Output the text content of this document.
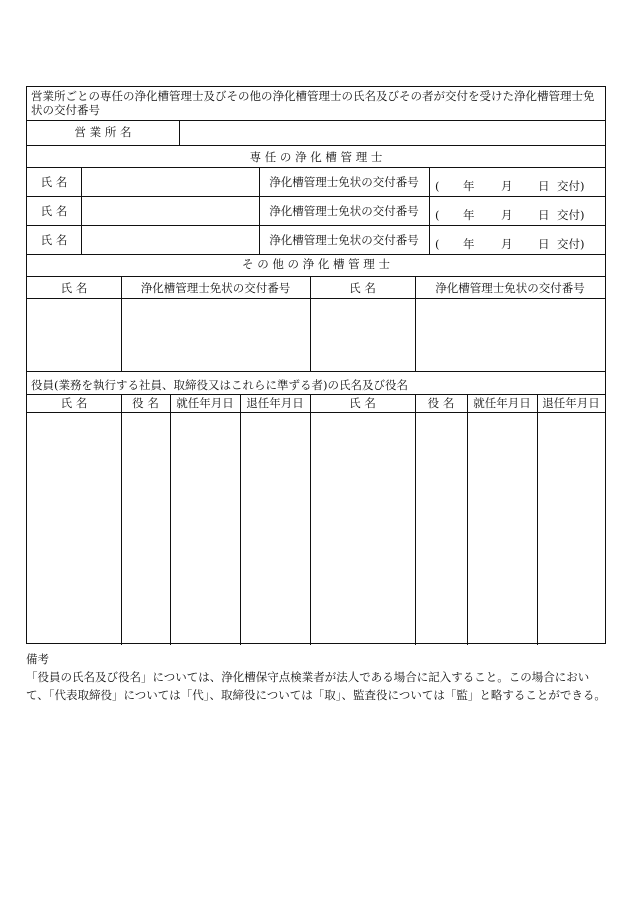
営業所ごとの専任の浄化槽管理士及びその他の浄化槽管理士の氏名及びその者が交付を受けた浄化槽管理士免状の交付番号
営 業 所 名
専 任 の 浄 化 槽 管 理 士
氏 名	浄化槽管理士免状の交付番号	( 年 月 日 交付)
氏 名	浄化槽管理士免状の交付番号	( 年 月 日 交付)
氏 名	浄化槽管理士免状の交付番号	( 年 月 日 交付)
そ の 他 の 浄 化 槽 管 理 士
氏 名	浄化槽管理士免状の交付番号	氏 名	浄化槽管理士免状の交付番号
役員(業務を執行する社員、取締役又はこれらに準ずる者)の氏名及び役名
氏 名	役 名	就任年月日	退任年月日	氏 名	役 名	就任年月日	退任年月日

備考

「役員の氏名及び役名」については、浄化槽保守点検業者が法人である場合に記入すること。この場合において、「代表取締役」については「代」、取締役については「取」、監査役については「監」と略することができる。
